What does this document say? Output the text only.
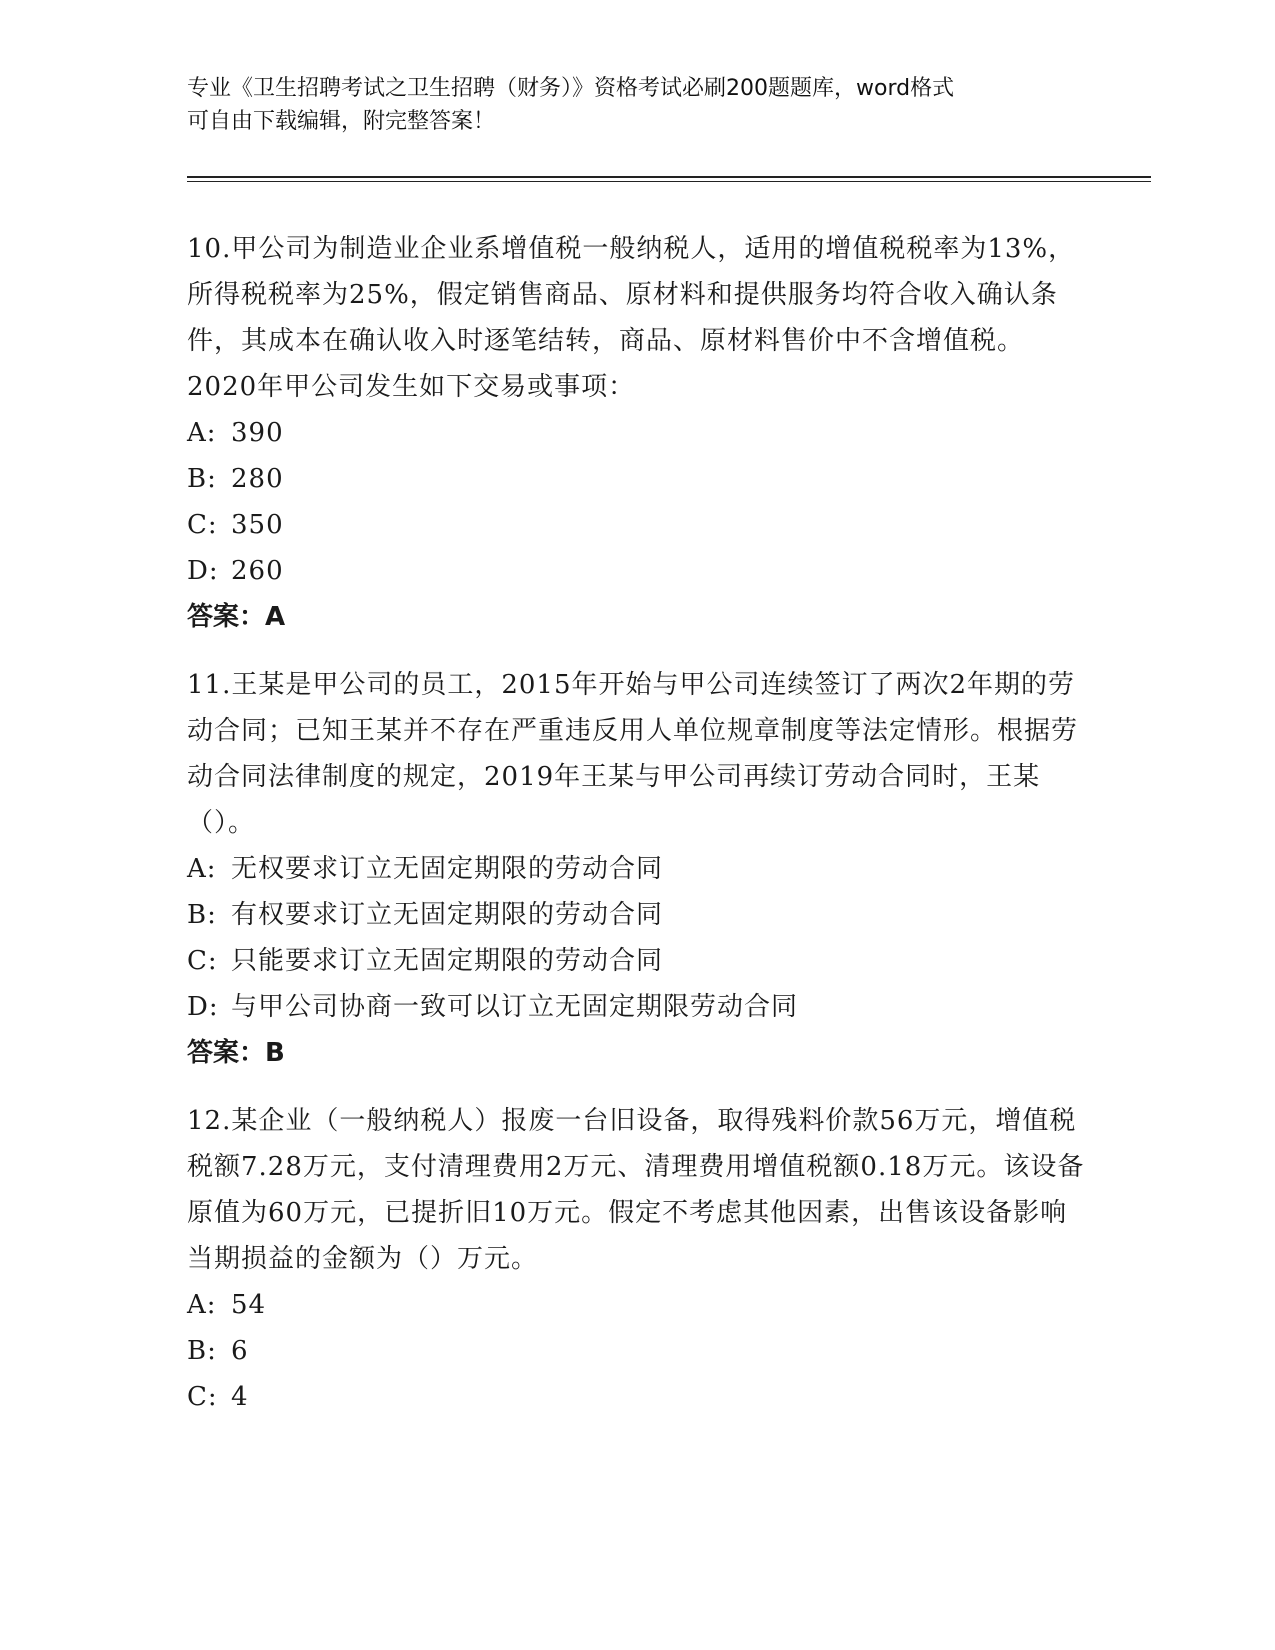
专业《卫生招聘考试之卫生招聘（财务）》资格考试必刷200题题库，word格式
可自由下载编辑，附完整答案！

10.甲公司为制造业企业系增值税一般纳税人，适用的增值税税率为13%，所得税税率为25%，假定销售商品、原材料和提供服务均符合收入确认条件，其成本在确认收入时逐笔结转，商品、原材料售价中不含增值税。2020年甲公司发生如下交易或事项：

A: 390
B: 280
C: 350
D: 260
答案：A

11.王某是甲公司的员工，2015年开始与甲公司连续签订了两次2年期的劳动合同；已知王某并不存在严重违反用人单位规章制度等法定情形。根据劳动合同法律制度的规定，2019年王某与甲公司再续订劳动合同时，王某（）。

A: 无权要求订立无固定期限的劳动合同
B: 有权要求订立无固定期限的劳动合同
C: 只能要求订立无固定期限的劳动合同
D: 与甲公司协商一致可以订立无固定期限劳动合同
答案：B

12.某企业（一般纳税人）报废一台旧设备，取得残料价款56万元，增值税税额7.28万元，支付清理费用2万元、清理费用增值税额0.18万元。该设备原值为60万元，已提折旧10万元。假定不考虑其他因素，出售该设备影响当期损益的金额为（）万元。

A: 54
B: 6
C: 4
